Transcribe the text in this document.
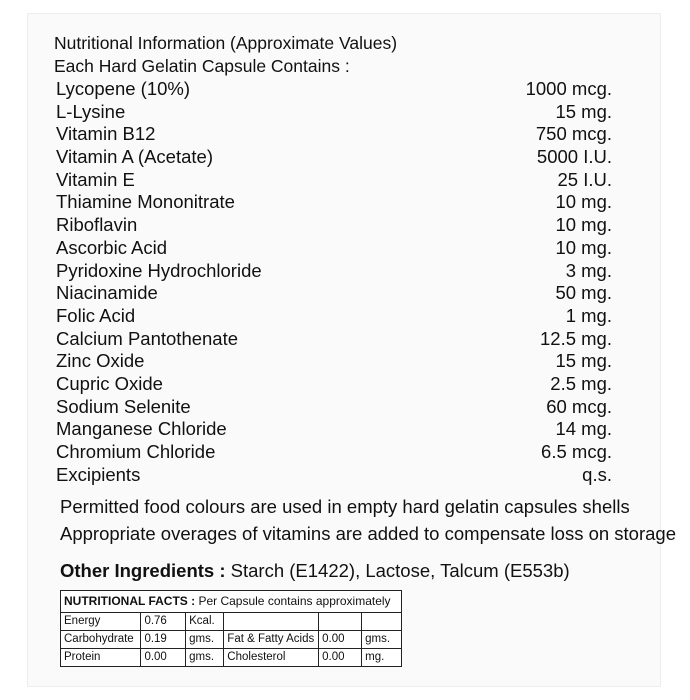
Nutritional Information (Approximate Values)
Each Hard Gelatin Capsule Contains :
Lycopene (10%)	1000 mcg.
L-Lysine	15 mg.
Vitamin B12	750 mcg.
Vitamin A (Acetate)	5000 I.U.
Vitamin E	25 I.U.
Thiamine Mononitrate	10 mg.
Riboflavin	10 mg.
Ascorbic Acid	10 mg.
Pyridoxine Hydrochloride	3 mg.
Niacinamide	50 mg.
Folic Acid	1 mg.
Calcium Pantothenate	12.5 mg.
Zinc Oxide	15 mg.
Cupric Oxide	2.5 mg.
Sodium Selenite	60 mcg.
Manganese Chloride	14 mg.
Chromium Chloride	6.5 mcg.
Excipients	q.s.
Permitted food colours are used in empty hard gelatin capsules shells
Appropriate overages of vitamins are added to compensate loss on storage
Other Ingredients : Starch (E1422), Lactose, Talcum (E553b)
NUTRITIONAL FACTS : Per Capsule contains approximately					
Energy	0.76	Kcal.			
Carbohydrate	0.19	gms.	Fat & Fatty Acids	0.00	gms.
Protein	0.00	gms.	Cholesterol	0.00	mg.
